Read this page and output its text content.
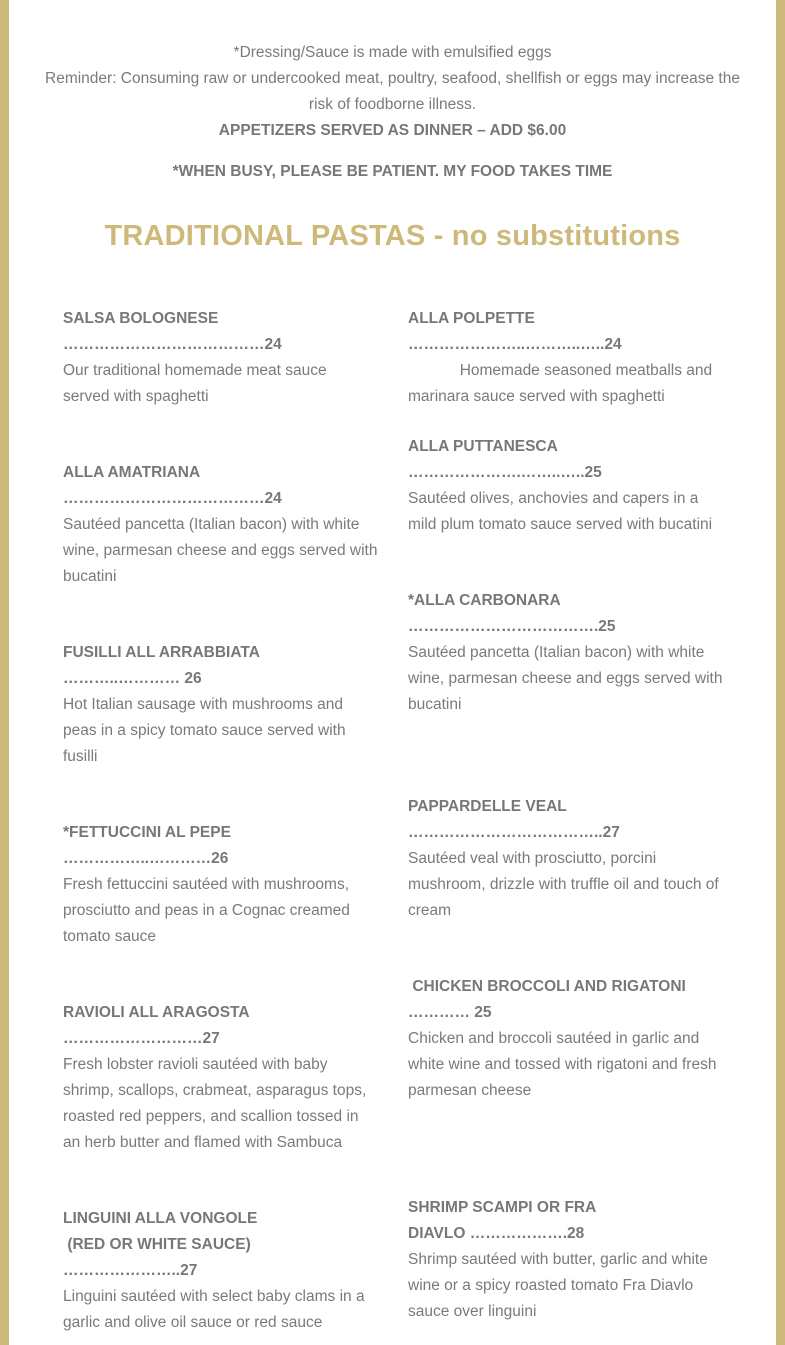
*Dressing/Sauce is made with emulsified eggs
Reminder: Consuming raw or undercooked meat, poultry, seafood, shellfish or eggs may increase the risk of foodborne illness.
APPETIZERS SERVED AS DINNER – ADD $6.00
*WHEN BUSY, PLEASE BE PATIENT. MY FOOD TAKES TIME
TRADITIONAL PASTAS - no substitutions
SALSA BOLOGNESE
…………………………………24
Our traditional homemade meat sauce
served with spaghetti
ALLA AMATRIANA
…………………………………24
Sautéed pancetta (Italian bacon) with white wine, parmesan cheese and eggs served with bucatini
FUSILLI ALL ARRABBIATA ………..………… 26
Hot Italian sausage with mushrooms and peas in a spicy tomato sauce served with fusilli
*FETTUCCINI AL PEPE
……………..…………26
Fresh fettuccini sautéed with mushrooms, prosciutto and peas in a Cognac creamed tomato sauce
RAVIOLI ALL ARAGOSTA
………………………27
Fresh lobster ravioli sautéed with baby shrimp, scallops, crabmeat, asparagus tops, roasted red peppers, and scallion tossed in an herb butter and flamed with Sambuca
LINGUINI ALLA VONGOLE
(RED OR WHITE SAUCE) …………………..27
Linguini sautéed with select baby clams in a garlic and olive oil sauce or red sauce
ALLA POLPETTE …………………..………..…..24
Homemade seasoned meatballs and marinara sauce served with spaghetti
ALLA PUTTANESCA ………………….……..…..25
Sautéed olives, anchovies and capers in a mild plum tomato sauce served with bucatini
*ALLA CARBONARA
……………………………….25
Sautéed pancetta (Italian bacon) with white wine, parmesan cheese and eggs served with
bucatini
PAPPARDELLE VEAL
………………………………..27
Sautéed veal with prosciutto, porcini mushroom, drizzle with truffle oil and touch of cream
CHICKEN BROCCOLI AND RIGATONI ………… 25
Chicken and broccoli sautéed in garlic and white wine and tossed with rigatoni and fresh parmesan cheese
SHRIMP SCAMPI OR FRA
DIAVLO ……………….28
Shrimp sautéed with butter, garlic and white wine or a spicy roasted tomato Fra Diavlo sauce over linguini
